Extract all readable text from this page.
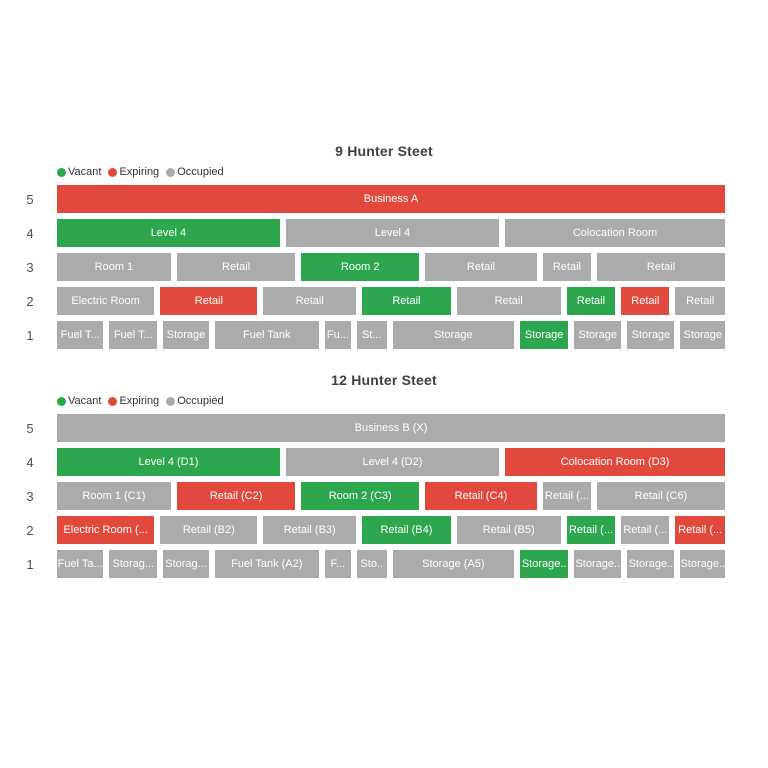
9 Hunter Steet
Vacant Expiring Occupied
5	Business A
4	Level 4	Level 4	Colocation Room
3	Room 1	Retail	Room 2	Retail	Retail	Retail
2	Electric Room	Retail	Retail	Retail	Retail	Retail	Retail	Retail
1	Fuel T...	Fuel T...	Storage	Fuel Tank	Fu...	St...	Storage	Storage	Storage	Storage	Storage
12 Hunter Steet
Vacant Expiring Occupied
5	Business B (X)
4	Level 4 (D1)	Level 4 (D2)	Colocation Room (D3)
3	Room 1 (C1)	Retail (C2)	Room 2 (C3)	Retail (C4)	Retail (...	Retail (C6)
2	Electric Room (...	Retail (B2)	Retail (B3)	Retail (B4)	Retail (B5)	Retail (... Retail (... Retail (...
1	Fuel Ta... Storag... Storag...	Fuel Tank (A2)	F...	Sto..	Storage (A5)	Storage.. Storage.. Storage.. Storage..
